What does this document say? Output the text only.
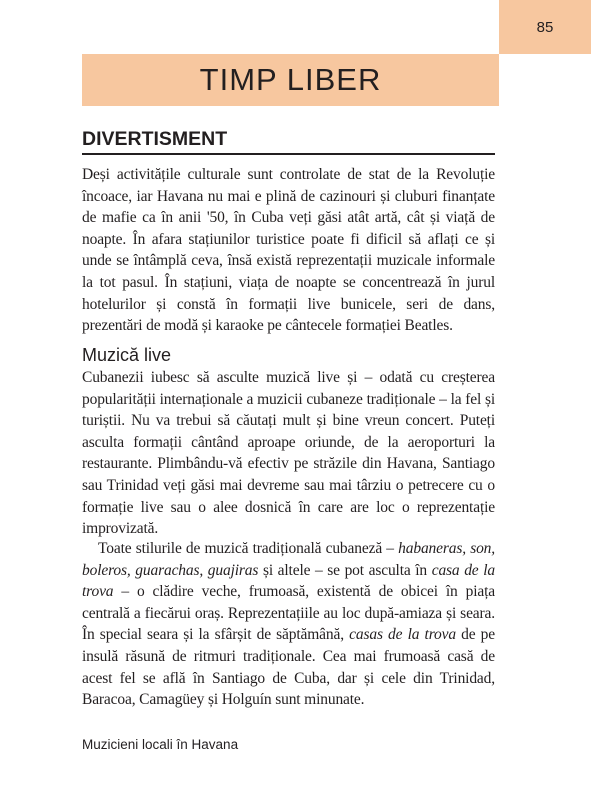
85
TIMP LIBER
DIVERTISMENT

Deși activitățile culturale sunt controlate de stat de la Revoluție încoace, iar Havana nu mai e plină de cazinouri și cluburi finanțate de mafie ca în anii '50, în Cuba veți găsi atât artă, cât și viață de noapte. În afara stațiunilor turistice poate fi dificil să aflați ce și unde se întâmplă ceva, însă există reprezentații muzicale informale la tot pasul. În stațiuni, viața de noapte se concentrează în jurul hotelurilor și constă în formații live bunicele, seri de dans, prezentări de modă și karaoke pe cântecele formației Beatles.

Muzică live

Cubanezii iubesc să asculte muzică live și – odată cu creșterea popularității internaționale a muzicii cubaneze tradiționale – la fel și turiștii. Nu va trebui să căutați mult și bine vreun concert. Puteți asculta formații cântând aproape oriunde, de la aeroporturi la restaurante. Plimbându-vă efectiv pe străzile din Havana, Santiago sau Trinidad veți găsi mai devreme sau mai târziu o petrecere cu o formație live sau o alee dosnică în care are loc o reprezentație improvizată.

Toate stilurile de muzică tradițională cubaneză – habaneras, son, boleros, guarachas, guajiras și altele – se pot asculta în casa de la trova – o clădire veche, frumoasă, existentă de obicei în piața centrală a fiecărui oraș. Reprezentațiile au loc după-amiaza și seara. În special seara și la sfârșit de săptămână, casas de la trova de pe insulă răsună de ritmuri tradiționale. Cea mai frumoasă casă de acest fel se află în Santiago de Cuba, dar și cele din Trinidad, Baracoa, Camagüey și Holguín sunt minunate.

Muzicieni locali în Havana
